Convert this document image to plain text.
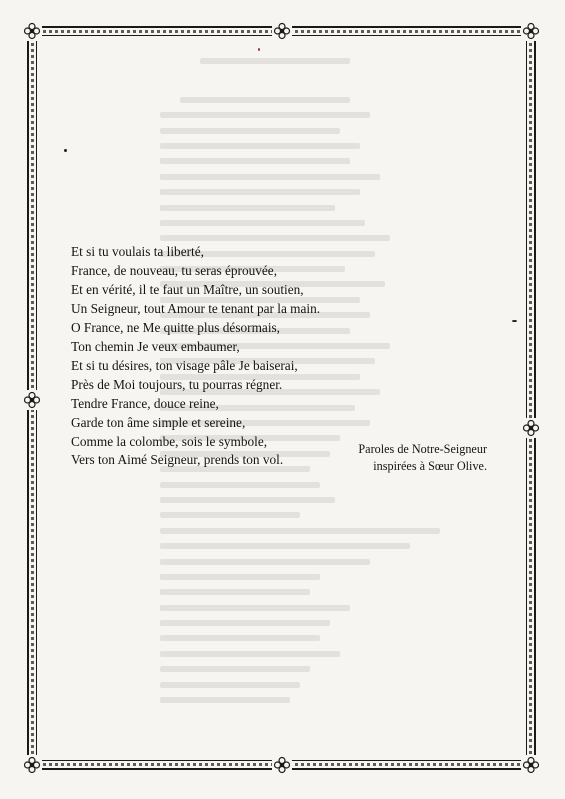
Et si tu voulais ta liberté,
France, de nouveau, tu seras éprouvée,
Et en vérité, il te faut un Maître, un soutien,
Un Seigneur, tout Amour te tenant par la main.
O France, ne Me quitte plus désormais,
Ton chemin Je veux embaumer,
Et si tu désires, ton visage pâle Je baiserai,
Près de Moi toujours, tu pourras régner.
Tendre France, douce reine,
Garde ton âme simple et sereine,
Comme la colombe, sois le symbole,
Vers ton Aimé Seigneur, prends ton vol.
Paroles de Notre-Seigneur
inspirées à Sœur Olive.
